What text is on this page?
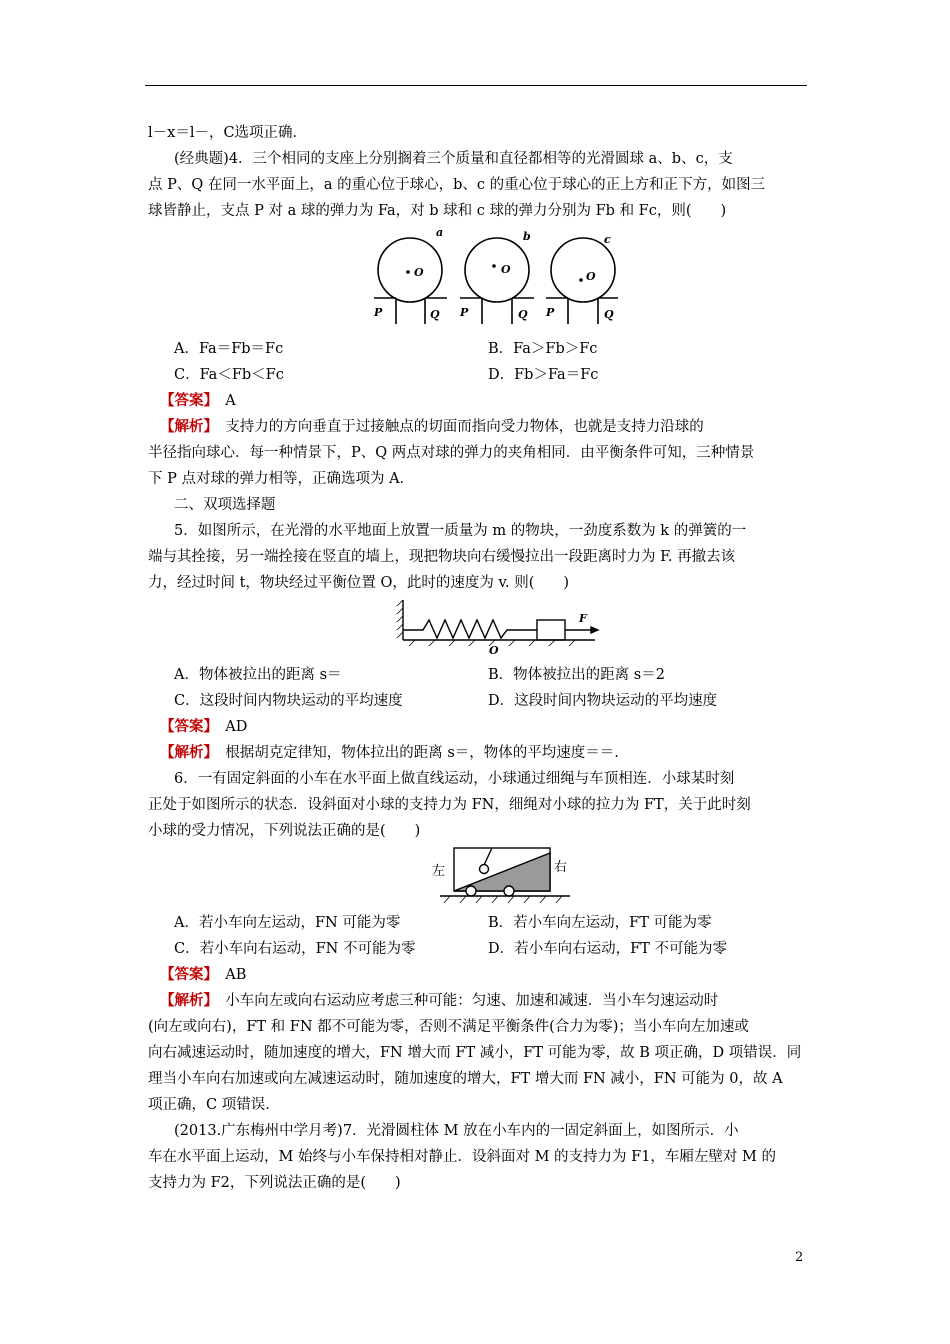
l－x＝l－，C选项正确．
(经典题)4．三个相同的支座上分别搁着三个质量和直径都相等的光滑圆球 a、b、c，支
点 P、Q 在同一水平面上，a 的重心位于球心，b、c 的重心位于球心的正上方和正下方，如图三
球皆静止，支点 P 对 a 球的弹力为 Fa，对 b 球和 c 球的弹力分别为 Fb 和 Fc，则(　　)
a	b	c
O	O
O
P	Q P	Q P	Q
A．Fa＝Fb＝Fc	B．Fa＞Fb＞Fc
C．Fa＜Fb＜Fc	D．Fb＞Fa＝Fc
【答案】　 A
【解析】　 支持力的方向垂直于过接触点的切面而指向受力物体，也就是支持力沿球的
半径指向球心．每一种情景下，P、Q 两点对球的弹力的夹角相同．由平衡条件可知，三种情景
下 P 点对球的弹力相等，正确选项为 A．
二、双项选择题
5．如图所示，在光滑的水平地面上放置一质量为 m 的物块，一劲度系数为 k 的弹簧的一
端与其拴接，另一端拴接在竖直的墙上，现把物块向右缓慢拉出一段距离时力为 F. 再撤去该
力，经过时间 t，物块经过平衡位置 O，此时的速度为 v. 则(　　)
F
O
A．物体被拉出的距离 s＝	B．物体被拉出的距离 s＝2
C．这段时间内物块运动的平均速度	D．这段时间内物块运动的平均速度
【答案】　 AD
【解析】　 根据胡克定律知，物体拉出的距离 s＝，物体的平均速度＝＝.
6．一有固定斜面的小车在水平面上做直线运动，小球通过细绳与车顶相连．小球某时刻
正处于如图所示的状态．设斜面对小球的支持力为 FN，细绳对小球的拉力为 FT，关于此时刻
小球的受力情况，下列说法正确的是(　　)
左	右
A．若小车向左运动，FN 可能为零	B．若小车向左运动，FT 可能为零
C．若小车向右运动，FN 不可能为零	D．若小车向右运动，FT 不可能为零
【答案】　 AB
【解析】　 小车向左或向右运动应考虑三种可能：匀速、加速和减速．当小车匀速运动时
(向左或向右)，FT 和 FN 都不可能为零，否则不满足平衡条件(合力为零)；当小车向左加速或
向右减速运动时，随加速度的增大，FN 增大而 FT 减小，FT 可能为零，故 B 项正确，D 项错误．同
理当小车向右加速或向左减速运动时，随加速度的增大，FT 增大而 FN 减小，FN 可能为 0，故 A
项正确，C 项错误．
(2013.广东梅州中学月考)7．光滑圆柱体 M 放在小车内的一固定斜面上，如图所示．小
车在水平面上运动，M 始终与小车保持相对静止．设斜面对 M 的支持力为 F1，车厢左壁对 M 的
支持力为 F2，下列说法正确的是(　　)
2
